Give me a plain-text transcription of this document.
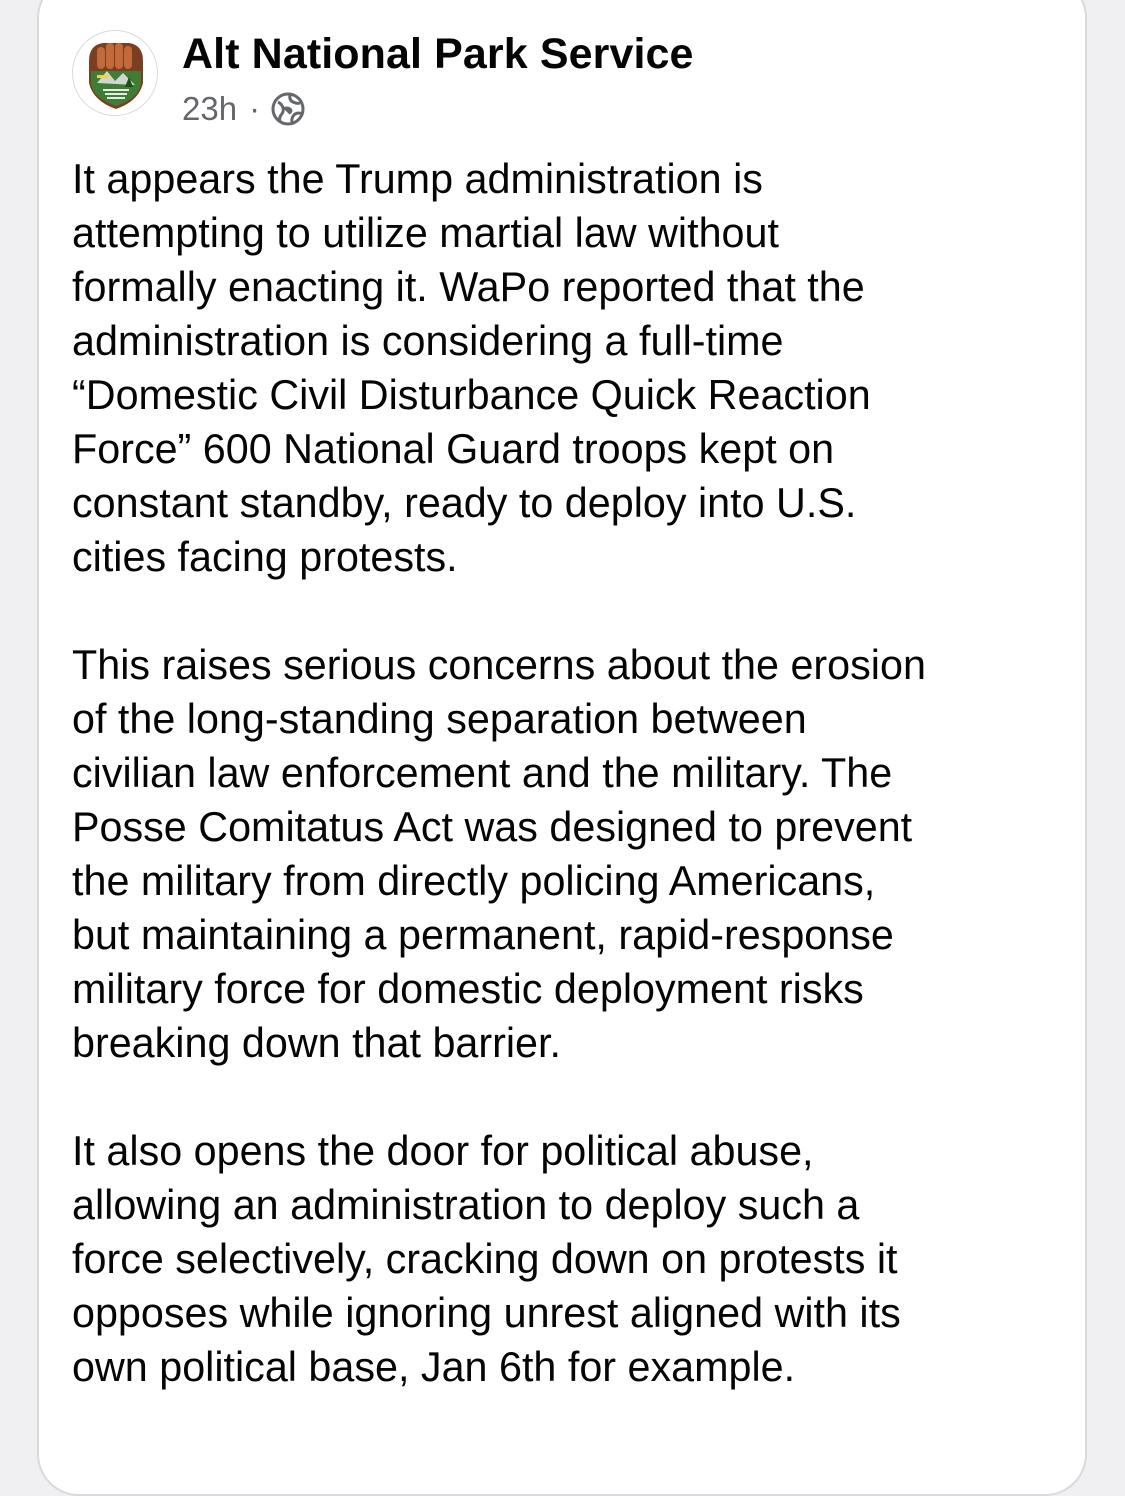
Alt National Park Service
23h ·

It appears the Trump administration is
attempting to utilize martial law without
formally enacting it. WaPo reported that the
administration is considering a full-time
“Domestic Civil Disturbance Quick Reaction
Force” 600 National Guard troops kept on
constant standby, ready to deploy into U.S.
cities facing protests.

This raises serious concerns about the erosion
of the long-standing separation between
civilian law enforcement and the military. The
Posse Comitatus Act was designed to prevent
the military from directly policing Americans,
but maintaining a permanent, rapid-response
military force for domestic deployment risks
breaking down that barrier.

It also opens the door for political abuse,
allowing an administration to deploy such a
force selectively, cracking down on protests it
opposes while ignoring unrest aligned with its
own political base, Jan 6th for example.
